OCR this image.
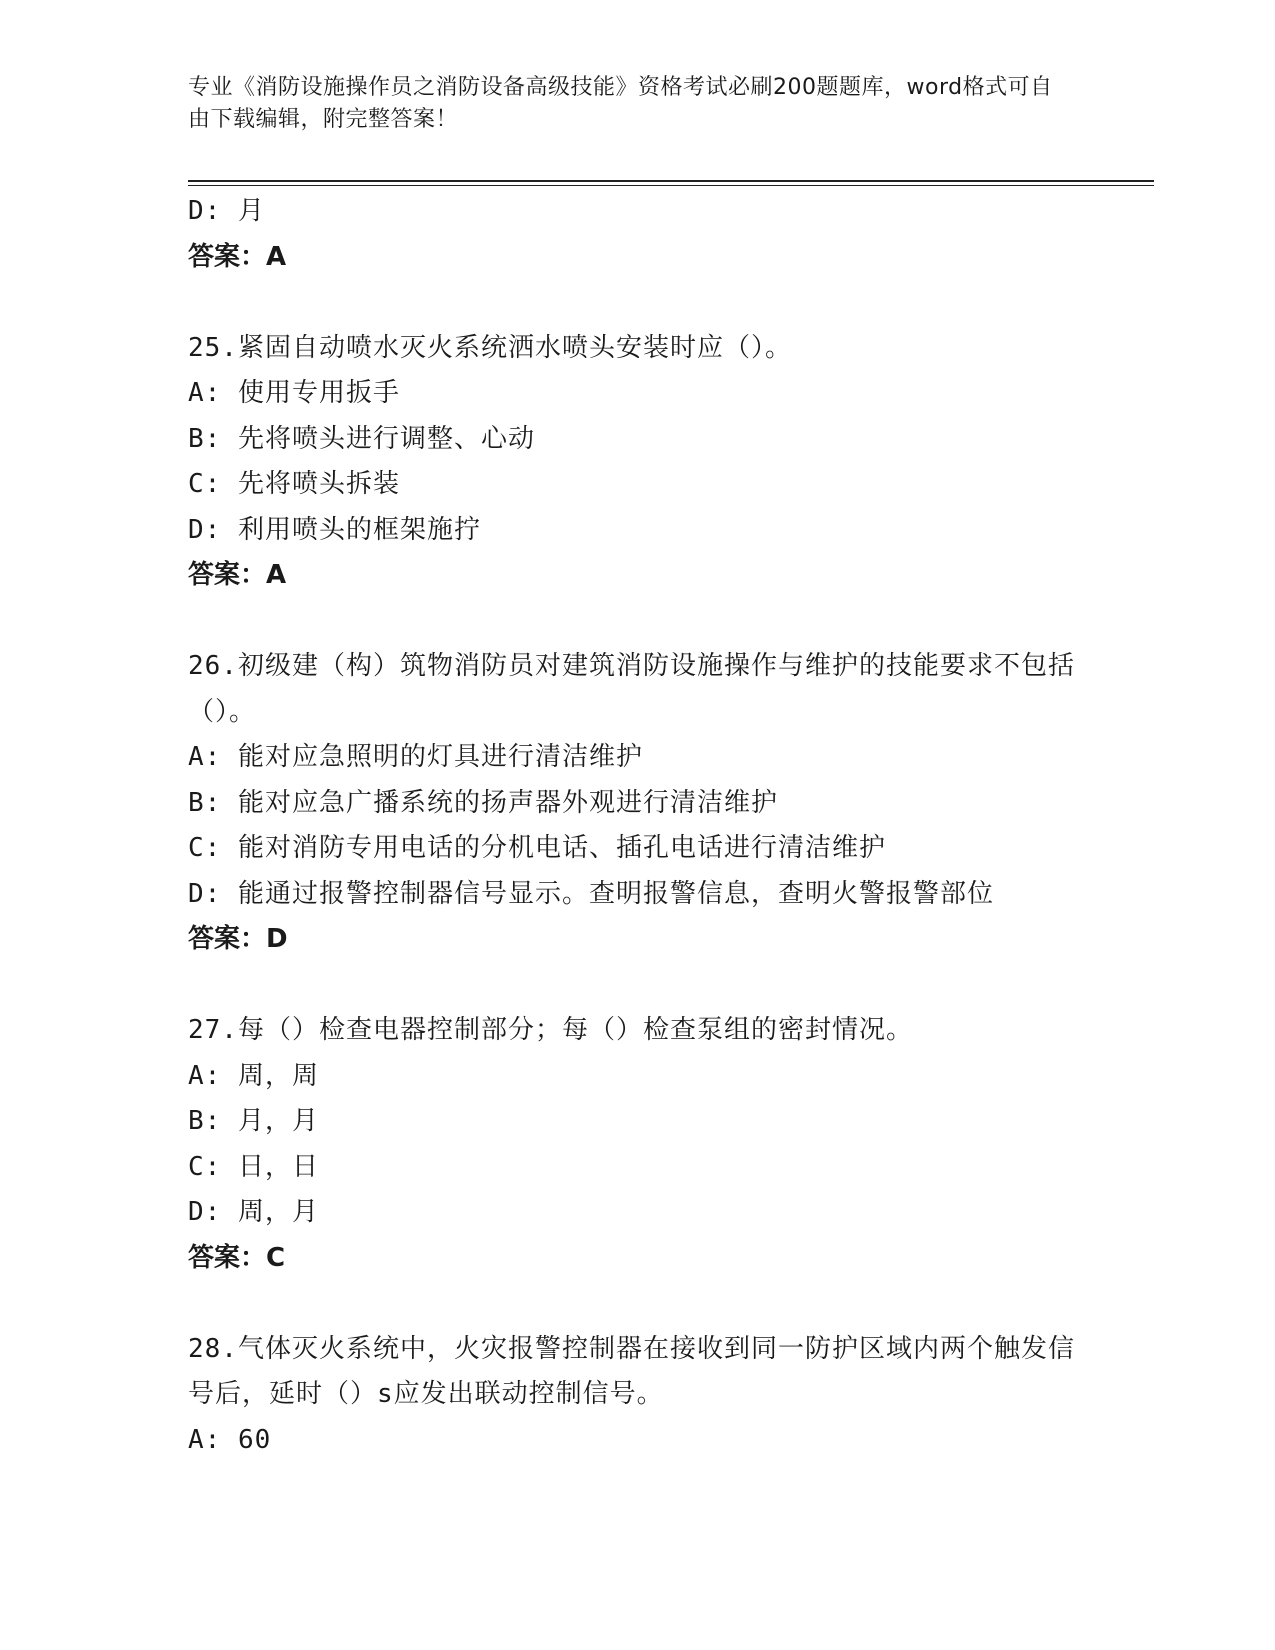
专业《消防设施操作员之消防设备高级技能》资格考试必刷200题题库，word格式可自由下载编辑，附完整答案！
D: 月
答案：A
25.紧固自动喷水灭火系统洒水喷头安装时应（）。
A: 使用专用扳手
B: 先将喷头进行调整、心动
C: 先将喷头拆装
D: 利用喷头的框架施拧
答案：A
26.初级建（构）筑物消防员对建筑消防设施操作与维护的技能要求不包括（）。
A: 能对应急照明的灯具进行清洁维护
B: 能对应急广播系统的扬声器外观进行清洁维护
C: 能对消防专用电话的分机电话、插孔电话进行清洁维护
D: 能通过报警控制器信号显示。查明报警信息，查明火警报警部位
答案：D
27.每（）检查电器控制部分；每（）检查泵组的密封情况。
A: 周，周
B: 月，月
C: 日，日
D: 周，月
答案：C
28.气体灭火系统中，火灾报警控制器在接收到同一防护区域内两个触发信号后，延时（）s应发出联动控制信号。
A: 60
